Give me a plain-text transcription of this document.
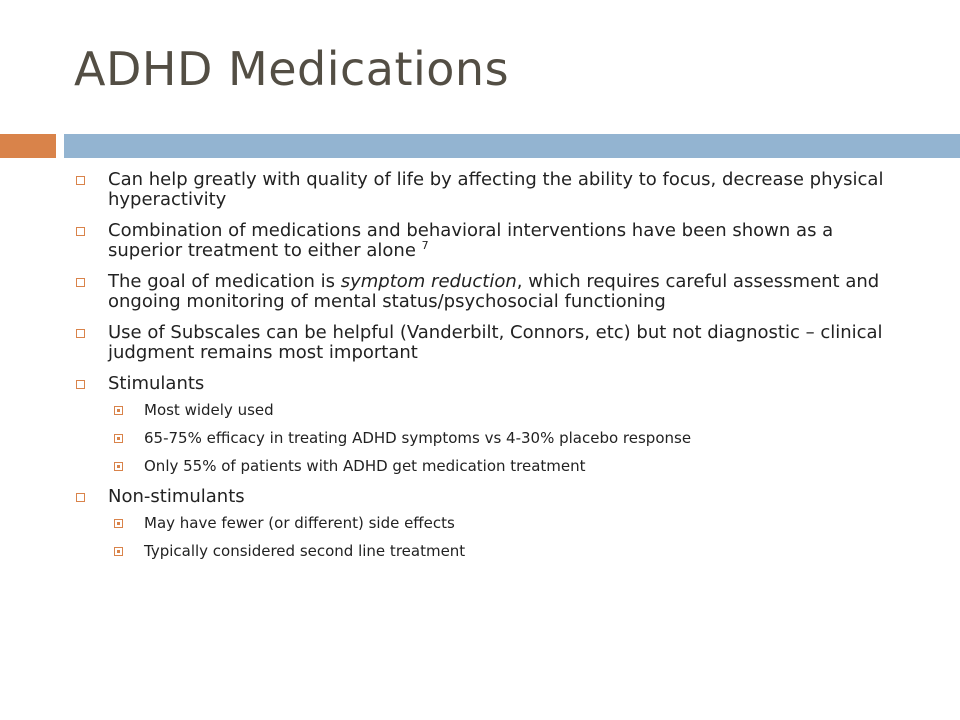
ADHD Medications
Can help greatly with quality of life by affecting the ability to focus, decrease physical hyperactivity
Combination of medications and behavioral interventions have been shown as a superior treatment to either alone $^7$
The goal of medication is symptom reduction, which requires careful assessment and ongoing monitoring of mental status/psychosocial functioning
Use of Subscales can be helpful (Vanderbilt, Connors, etc) but not diagnostic – clinical judgment remains most important
Stimulants
Most widely used
65-75% efficacy in treating ADHD symptoms vs 4-30% placebo response
Only 55% of patients with ADHD get medication treatment
Non-stimulants
May have fewer (or different) side effects
Typically considered second line treatment
